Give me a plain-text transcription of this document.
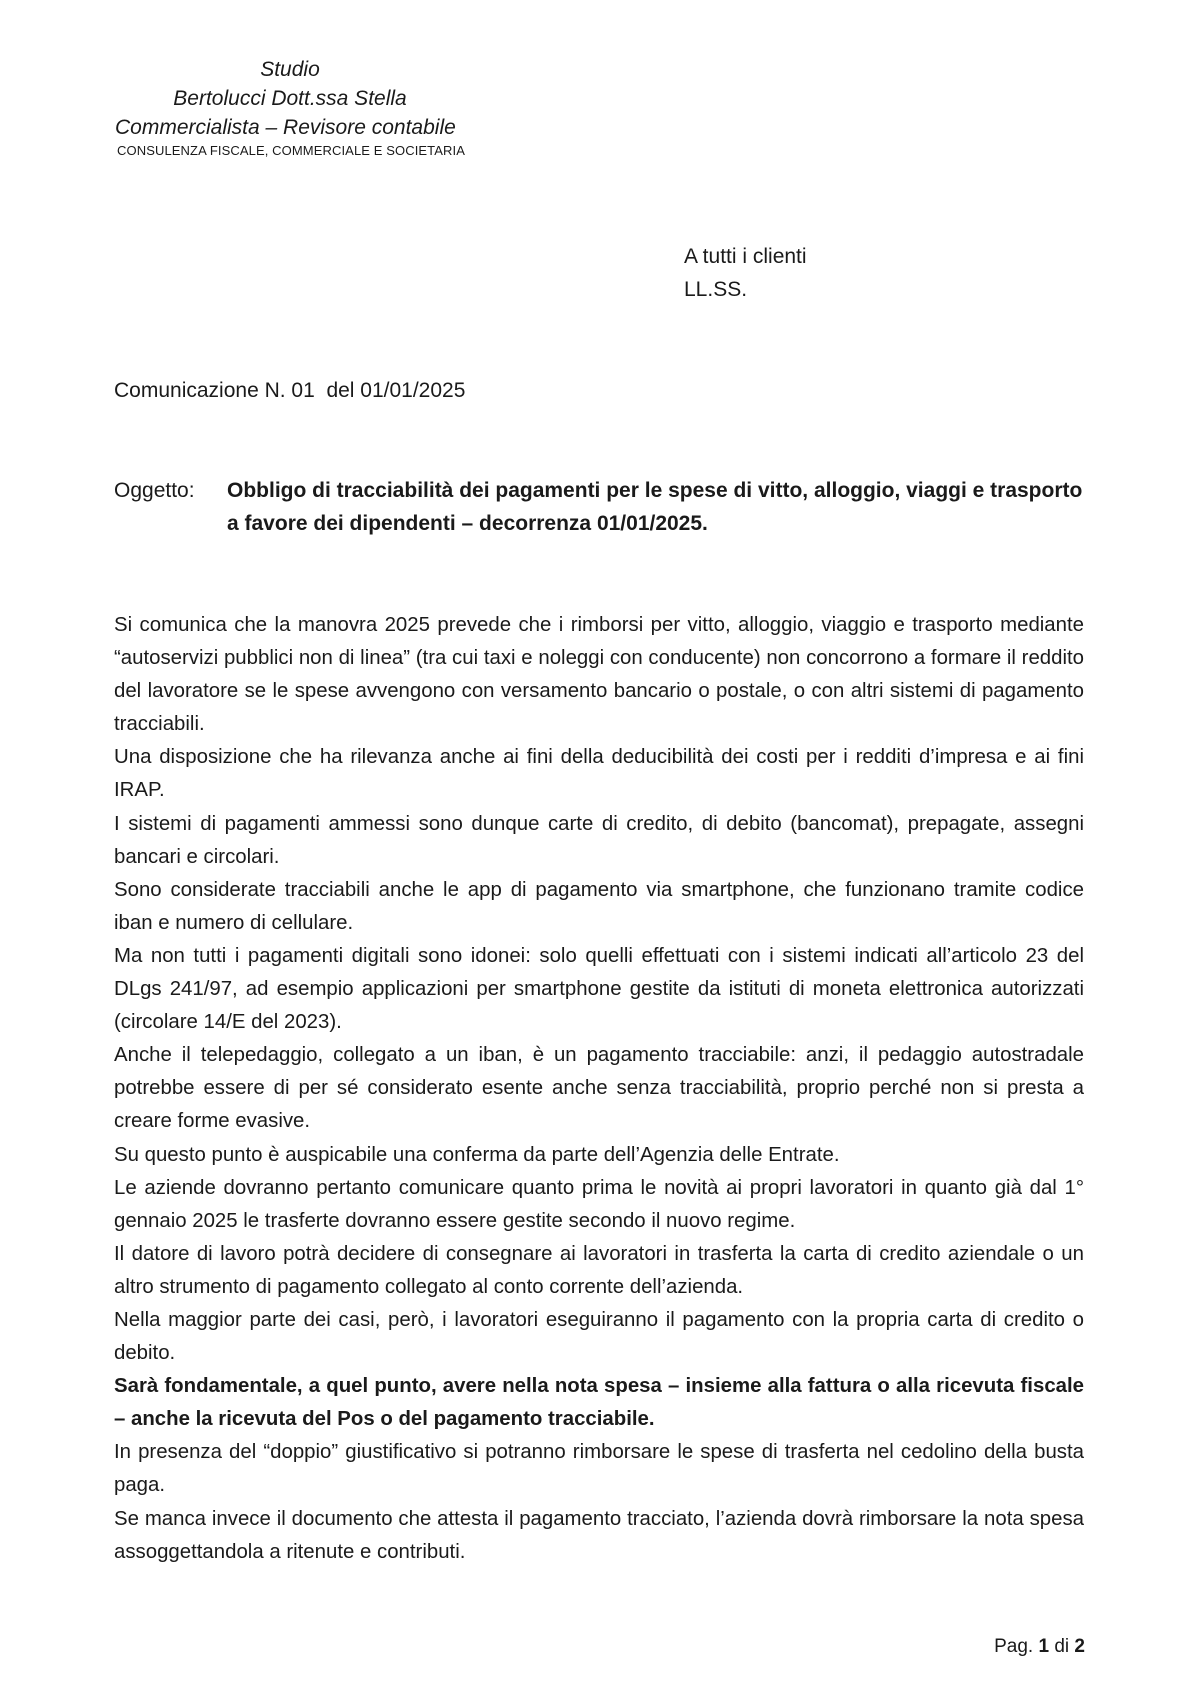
Studio
Bertolucci Dott.ssa Stella
Commercialista – Revisore contabile
CONSULENZA FISCALE, COMMERCIALE E SOCIETARIA
A tutti i clienti
LL.SS.
Comunicazione N. 01  del 01/01/2025
Oggetto:	Obbligo di tracciabilità dei pagamenti per le spese di vitto, alloggio, viaggi e trasporto a favore dei dipendenti – decorrenza 01/01/2025.

Si comunica che la manovra 2025 prevede che i rimborsi per vitto, alloggio, viaggio e trasporto mediante “autoservizi pubblici non di linea” (tra cui taxi e noleggi con conducente) non concorrono a formare il reddito del lavoratore se le spese avvengono con versamento bancario o postale, o con altri sistemi di pagamento tracciabili.

Una disposizione che ha rilevanza anche ai fini della deducibilità dei costi per i redditi d’impresa e ai fini IRAP.

I sistemi di pagamenti ammessi sono dunque carte di credito, di debito (bancomat), prepagate, assegni bancari e circolari.

Sono considerate tracciabili anche le app di pagamento via smartphone, che funzionano tramite codice iban e numero di cellulare.

Ma non tutti i pagamenti digitali sono idonei: solo quelli effettuati con i sistemi indicati all’articolo 23 del DLgs 241/97, ad esempio applicazioni per smartphone gestite da istituti di moneta elettronica autorizzati (circolare 14/E del 2023).

Anche il telepedaggio, collegato a un iban, è un pagamento tracciabile: anzi, il pedaggio autostradale potrebbe essere di per sé considerato esente anche senza tracciabilità, proprio perché non si presta a creare forme evasive.

Su questo punto è auspicabile una conferma da parte dell’Agenzia delle Entrate.

Le aziende dovranno pertanto comunicare quanto prima le novità ai propri lavoratori in quanto già dal 1° gennaio 2025 le trasferte dovranno essere gestite secondo il nuovo regime.

Il datore di lavoro potrà decidere di consegnare ai lavoratori in trasferta la carta di credito aziendale o un altro strumento di pagamento collegato al conto corrente dell’azienda.

Nella maggior parte dei casi, però, i lavoratori eseguiranno il pagamento con la propria carta di credito o debito.

Sarà fondamentale, a quel punto, avere nella nota spesa – insieme alla fattura o alla ricevuta fiscale – anche la ricevuta del Pos o del pagamento tracciabile.

In presenza del “doppio” giustificativo si potranno rimborsare le spese di trasferta nel cedolino della busta paga.

Se manca invece il documento che attesta il pagamento tracciato, l’azienda dovrà rimborsare la nota spesa assoggettandola a ritenute e contributi.

Pag. 1 di 2
